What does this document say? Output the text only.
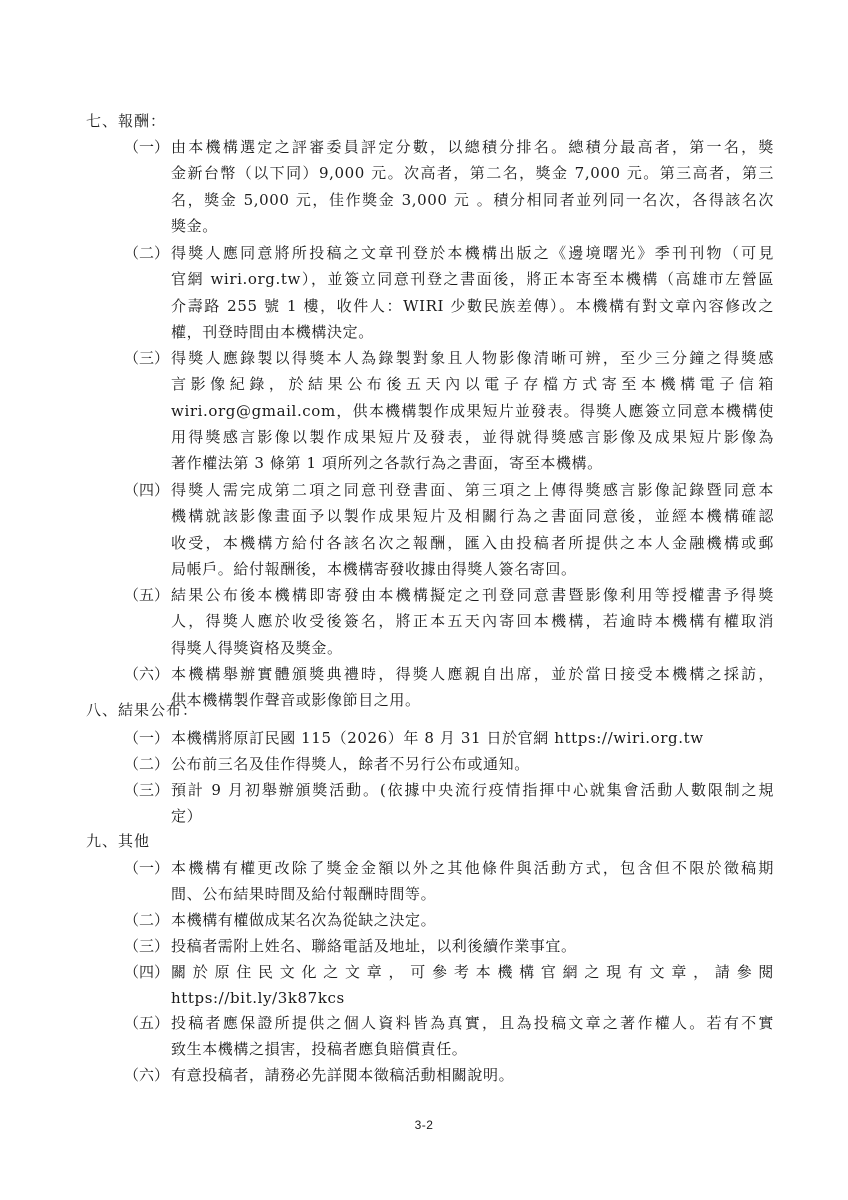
七、報酬：
（一） 由本機構選定之評審委員評定分數，以總積分排名。總積分最高者，第一名，獎
金新台幣（以下同）9,000 元。次高者，第二名，獎金 7,000 元。第三高者，第三
名，獎金 5,000 元，佳作獎金 3,000 元 。積分相同者並列同一名次，各得該名次
獎金。
（二） 得獎人應同意將所投稿之文章刊登於本機構出版之《邊境曙光》季刊刊物（可見
官網 wiri.org.tw），並簽立同意刊登之書面後，將正本寄至本機構（高雄市左營區
介壽路 255 號 1 樓，收件人：WIRI 少數民族差傳）。本機構有對文章內容修改之
權，刊登時間由本機構決定。
（三） 得獎人應錄製以得獎本人為錄製對象且人物影像清晰可辨，至少三分鐘之得獎感
言影像紀錄，於結果公布後五天內以電子存檔方式寄至本機構電子信箱
wiri.org@gmail.com，供本機構製作成果短片並發表。得獎人應簽立同意本機構使
用得獎感言影像以製作成果短片及發表，並得就得獎感言影像及成果短片影像為
著作權法第 3 條第 1 項所列之各款行為之書面，寄至本機構。
（四） 得獎人需完成第二項之同意刊登書面、第三項之上傳得獎感言影像記錄暨同意本
機構就該影像畫面予以製作成果短片及相關行為之書面同意後，並經本機構確認
收受，本機構方給付各該名次之報酬，匯入由投稿者所提供之本人金融機構或郵
局帳戶。給付報酬後，本機構寄發收據由得獎人簽名寄回。
（五） 結果公布後本機構即寄發由本機構擬定之刊登同意書暨影像利用等授權書予得獎
人，得獎人應於收受後簽名，將正本五天內寄回本機構，若逾時本機構有權取消
得獎人得獎資格及獎金。
（六） 本機構舉辦實體頒獎典禮時，得獎人應親自出席，並於當日接受本機構之採訪，
供本機構製作聲音或影像節目之用。
八、結果公布：
（一） 本機構將原訂民國 115（2026）年 8 月 31 日於官網 https://wiri.org.tw
（二） 公布前三名及佳作得獎人，餘者不另行公布或通知。
（三） 預計 9 月初舉辦頒獎活動。(依據中央流行疫情指揮中心就集會活動人數限制之規
定）
九、其他
（一） 本機構有權更改除了獎金金額以外之其他條件與活動方式，包含但不限於徵稿期
間、公布結果時間及給付報酬時間等。
（二） 本機構有權做成某名次為從缺之決定。
（三） 投稿者需附上姓名、聯絡電話及地址，以利後續作業事宜。
（四） 關於原住民文化之文章，可參考本機構官網之現有文章，請參閱
https://bit.ly/3k87kcs
（五） 投稿者應保證所提供之個人資料皆為真實，且為投稿文章之著作權人。若有不實
致生本機構之損害，投稿者應負賠償責任。
（六） 有意投稿者，請務必先詳閱本徵稿活動相關說明。
3-2
